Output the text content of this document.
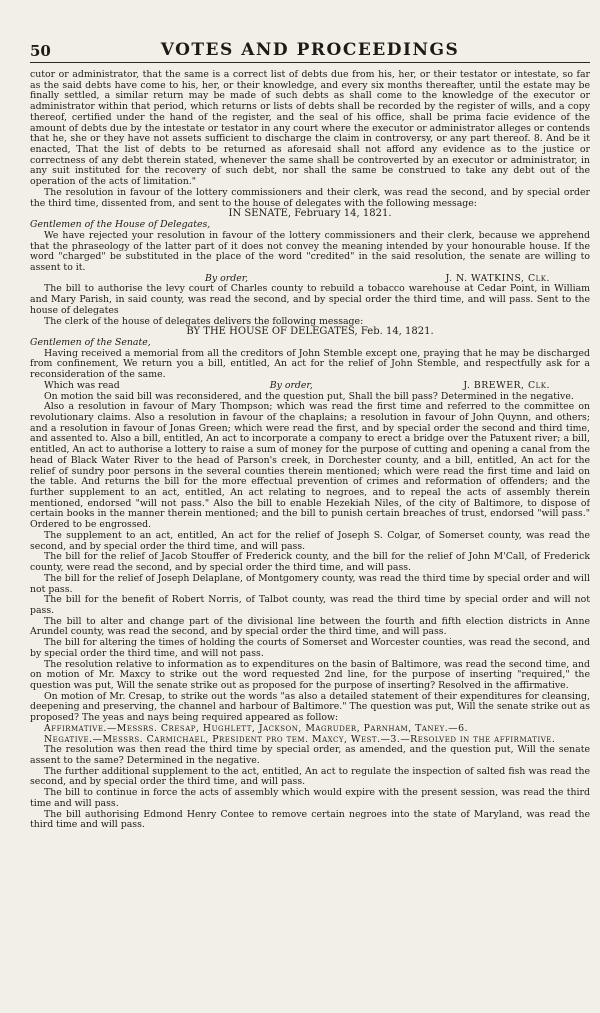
50	VOTES AND PROCEEDINGS

cutor or administrator, that the same is a correct list of debts due from his, her, or their testator or intestate, so far as the said debts have come to his, her, or their knowledge, and every six months thereafter, until the estate may be finally settled, a similar return may be made of such debts as shall come to the knowledge of the executor or administrator within that period, which returns or lists of debts shall be recorded by the register of wills, and a copy thereof, certified under the hand of the register, and the seal of his office, shall be prima facie evidence of the amount of debts due by the intestate or testator in any court where the executor or administrator alleges or contends that he, she or they have not assets sufficient to discharge the claim in controversy, or any part thereof. 8. And be it enacted, That the list of debts to be returned as aforesaid shall not afford any evidence as to the justice or correctness of any debt therein stated, whenever the same shall be controverted by an executor or administrator, in any suit instituted for the recovery of such debt, nor shall the same be construed to take any debt out of the operation of the acts of limitation."

The resolution in favour of the lottery commissioners and their clerk, was read the second, and by special order the third time, dissented from, and sent to the house of delegates with the following message:

IN SENATE, February 14, 1821.

Gentlemen of the House of Delegates,

We have rejected your resolution in favour of the lottery commissioners and their clerk, because we apprehend that the phraseology of the latter part of it does not convey the meaning intended by your honourable house. If the word "charged" be substituted in the place of the word "credited" in the said resolution, the senate are willing to assent to it.

By order,	J. N. WATKINS, Clk.

The bill to authorise the levy court of Charles county to rebuild a tobacco warehouse at Cedar Point, in William and Mary Parish, in said county, was read the second, and by special order the third time, and will pass. Sent to the house of delegates

The clerk of the house of delegates delivers the following message:

BY THE HOUSE OF DELEGATES, Feb. 14, 1821.

Gentlemen of the Senate,

Having received a memorial from all the creditors of John Stemble except one, praying that he may be discharged from confinement, We return you a bill, entitled, An act for the relief of John Stemble, and respectfully ask for a reconsideration of the same.

Which was read	By order,	J. BREWER, Clk.

On motion the said bill was reconsidered, and the question put, Shall the bill pass? Determined in the negative.

Also a resolution in favour of Mary Thompson; which was read the first time and referred to the committee on revolutionary claims. Also a resolution in favour of the chaplains; a resolution in favour of John Quynn, and others; and a resolution in favour of Jonas Green; which were read the first, and by special order the second and third time, and assented to. Also a bill, entitled, An act to incorporate a company to erect a bridge over the Patuxent river; a bill, entitled, An act to authorise a lottery to raise a sum of money for the purpose of cutting and opening a canal from the head of Black Water River to the head of Parson's creek, in Dorchester county, and a bill, entitled, An act for the relief of sundry poor persons in the several counties therein mentioned; which were read the first time and laid on the table. And returns the bill for the more effectual prevention of crimes and reformation of offenders; and the further supplement to an act, entitled, An act relating to negroes, and to repeal the acts of assembly therein mentioned, endorsed "will not pass." Also the bill to enable Hezekiah Niles, of the city of Baltimore, to dispose of certain books in the manner therein mentioned; and the bill to punish certain breaches of trust, endorsed "will pass." Ordered to be engrossed.

The supplement to an act, entitled, An act for the relief of Joseph S. Colgar, of Somerset county, was read the second, and by special order the third time, and will pass.

The bill for the relief of Jacob Stouffer of Frederick county, and the bill for the relief of John M'Call, of Frederick county, were read the second, and by special order the third time, and will pass.

The bill for the relief of Joseph Delaplane, of Montgomery county, was read the third time by special order and will not pass.

The bill for the benefit of Robert Norris, of Talbot county, was read the third time by special order and will not pass.

The bill to alter and change part of the divisional line between the fourth and fifth election districts in Anne Arundel county, was read the second, and by special order the third time, and will pass.

The bill for altering the times of holding the courts of Somerset and Worcester counties, was read the second, and by special order the third time, and will not pass.

The resolution relative to information as to expenditures on the basin of Baltimore, was read the second time, and on motion of Mr. Maxcy to strike out the word requested 2nd line, for the purpose of inserting "required," the question was put, Will the senate strike out as proposed for the purpose of inserting? Resolved in the affirmative.

On motion of Mr. Cresap, to strike out the words "as also a detailed statement of their expenditures for cleansing, deepening and preserving, the channel and harbour of Baltimore." The question was put, Will the senate strike out as proposed? The yeas and nays being required appeared as follow:

Affirmative.—Messrs. Cresap, Hughlett, Jackson, Magruder, Parnham, Taney.—6.

Negative.—Messrs. Carmichael, President pro tem. Maxcy, West.—3.—Resolved in the affirmative.

The resolution was then read the third time by special order, as amended, and the question put, Will the senate assent to the same? Determined in the negative.

The further additional supplement to the act, entitled, An act to regulate the inspection of salted fish was read the second, and by special order the third time, and will pass.

The bill to continue in force the acts of assembly which would expire with the present session, was read the third time and will pass.

The bill authorising Edmond Henry Contee to remove certain negroes into the state of Maryland, was read the third time and will pass.
